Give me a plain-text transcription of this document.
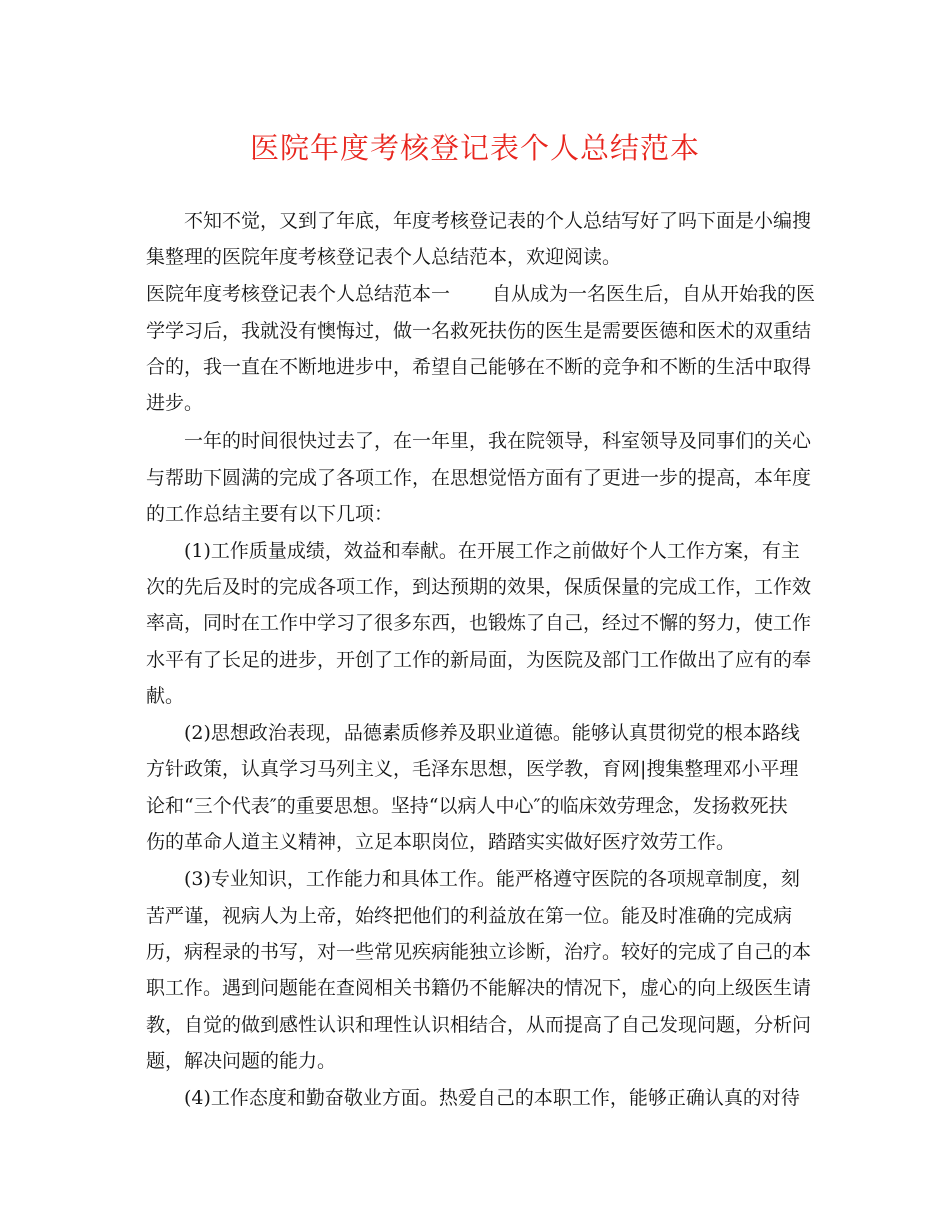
医院年度考核登记表个人总结范本
不知不觉，又到了年底，年度考核登记表的个人总结写好了吗下面是小编搜
集整理的医院年度考核登记表个人总结范本，欢迎阅读。
医院年度考核登记表个人总结范本一 自从成为一名医生后，自从开始我的医
学学习后，我就没有懊悔过，做一名救死扶伤的医生是需要医德和医术的双重结
合的，我一直在不断地进步中，希望自己能够在不断的竞争和不断的生活中取得
进步。
一年的时间很快过去了，在一年里，我在院领导，科室领导及同事们的关心
与帮助下圆满的完成了各项工作，在思想觉悟方面有了更进一步的提高，本年度
的工作总结主要有以下几项：
(1)工作质量成绩，效益和奉献。在开展工作之前做好个人工作方案，有主
次的先后及时的完成各项工作，到达预期的效果，保质保量的完成工作，工作效
率高，同时在工作中学习了很多东西，也锻炼了自己，经过不懈的努力，使工作
水平有了长足的进步，开创了工作的新局面，为医院及部门工作做出了应有的奉
献。
(2)思想政治表现，品德素质修养及职业道德。能够认真贯彻党的根本路线
方针政策，认真学习马列主义，毛泽东思想，医学教，育网|搜集整理邓小平理
论和“三个代表″的重要思想。坚持“以病人中心″的临床效劳理念，发扬救死扶
伤的革命人道主义精神，立足本职岗位，踏踏实实做好医疗效劳工作。
(3)专业知识，工作能力和具体工作。能严格遵守医院的各项规章制度，刻
苦严谨，视病人为上帝，始终把他们的利益放在第一位。能及时准确的完成病
历，病程录的书写，对一些常见疾病能独立诊断，治疗。较好的完成了自己的本
职工作。遇到问题能在查阅相关书籍仍不能解决的情况下，虚心的向上级医生请
教，自觉的做到感性认识和理性认识相结合，从而提高了自己发现问题，分析问
题，解决问题的能力。
(4)工作态度和勤奋敬业方面。热爱自己的本职工作，能够正确认真的对待
